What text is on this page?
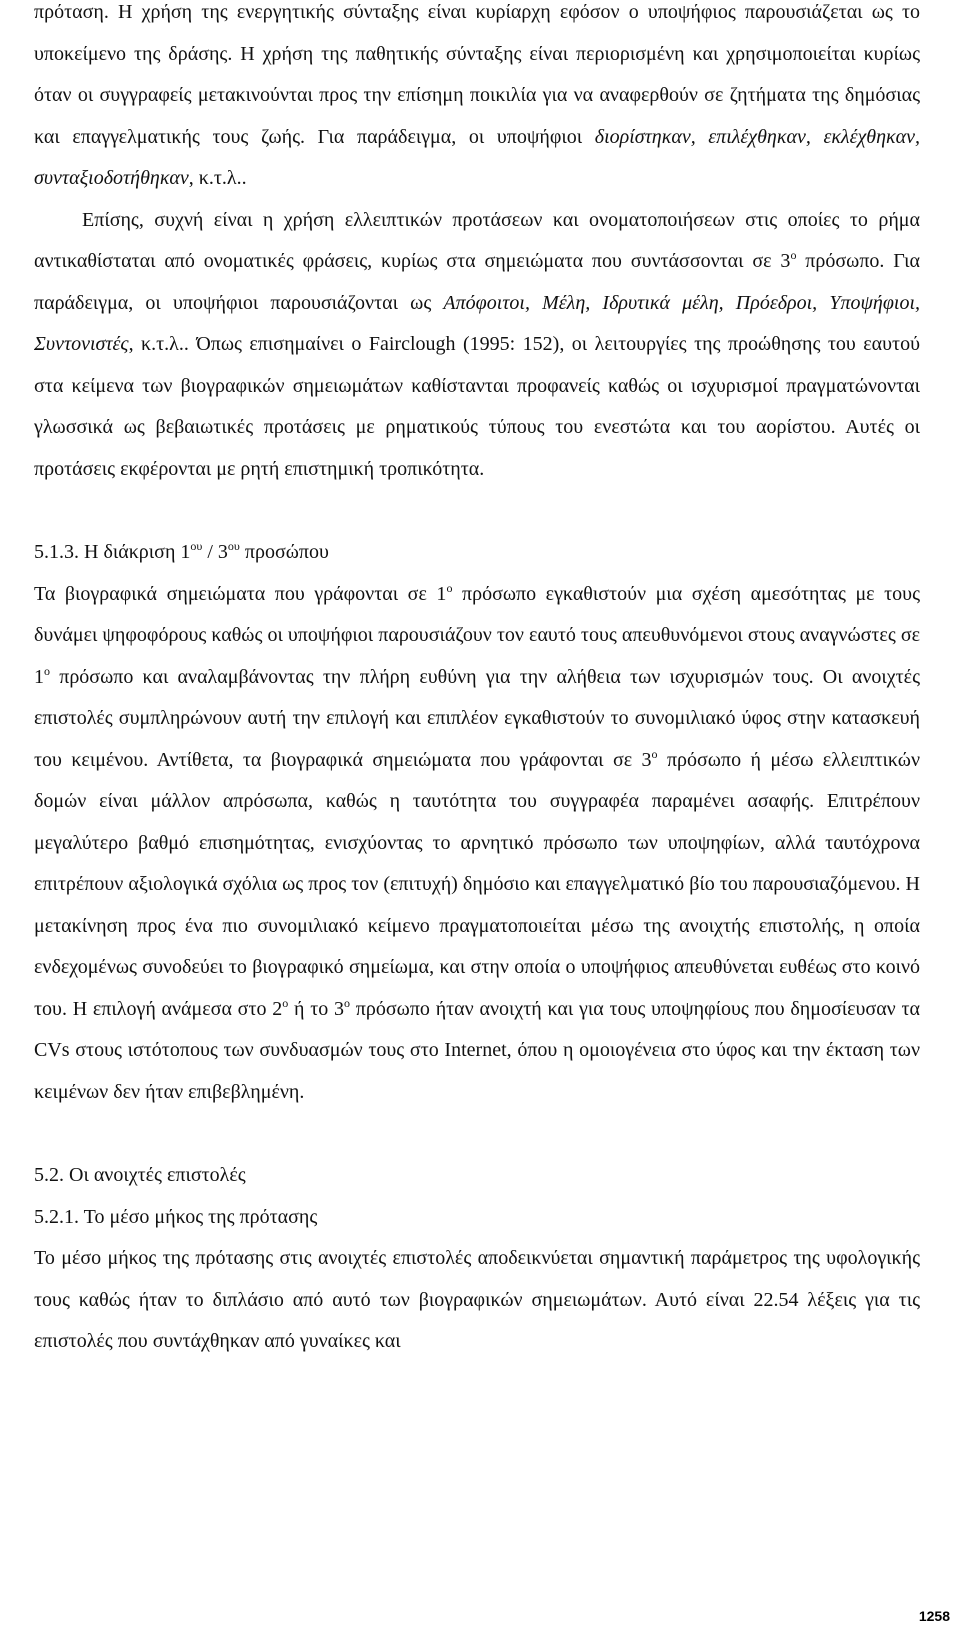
πρόταση. Η χρήση της ενεργητικής σύνταξης είναι κυρίαρχη εφόσον ο υποψήφιος παρουσιάζεται ως το υποκείμενο της δράσης. Η χρήση της παθητικής σύνταξης είναι περιορισμένη και χρησιμοποιείται κυρίως όταν οι συγγραφείς μετακινούνται προς την επίσημη ποικιλία για να αναφερθούν σε ζητήματα της δημόσιας και επαγγελματικής τους ζωής. Για παράδειγμα, οι υποψήφιοι διορίστηκαν, επιλέχθηκαν, εκλέχθηκαν, συνταξιοδοτήθηκαν, κ.τ.λ..

Επίσης, συχνή είναι η χρήση ελλειπτικών προτάσεων και ονοματοποιήσεων στις οποίες το ρήμα αντικαθίσταται από ονοματικές φράσεις, κυρίως στα σημειώματα που συντάσσονται σε $3^o$ πρόσωπο. Για παράδειγμα, οι υποψήφιοι παρουσιάζονται ως Απόφοιτοι, Μέλη, Ιδρυτικά μέλη, Πρόεδροι, Υποψήφιοι, Συντονιστές, κ.τ.λ.. Όπως επισημαίνει ο Fairclough (1995: 152), οι λειτουργίες της προώθησης του εαυτού στα κείμενα των βιογραφικών σημειωμάτων καθίστανται προφανείς καθώς οι ισχυρισμοί πραγματώνονται γλωσσικά ως βεβαιωτικές προτάσεις με ρηματικούς τύπους του ενεστώτα και του αορίστου. Αυτές οι προτάσεις εκφέρονται με ρητή επιστημική τροπικότητα.

5.1.3. Η διάκριση $1^{o\upsilon} / 3^{o\upsilon}$ προσώπου

Τα βιογραφικά σημειώματα που γράφονται σε $1^o$ πρόσωπο εγκαθιστούν μια σχέση αμεσότητας με τους δυνάμει ψηφοφόρους καθώς οι υποψήφιοι παρουσιάζουν τον εαυτό τους απευθυνόμενοι στους αναγνώστες σε $1^o$ πρόσωπο και αναλαμβάνοντας την πλήρη ευθύνη για την αλήθεια των ισχυρισμών τους. Οι ανοιχτές επιστολές συμπληρώνουν αυτή την επιλογή και επιπλέον εγκαθιστούν το συνομιλιακό ύφος στην κατασκευή του κειμένου. Αντίθετα, τα βιογραφικά σημειώματα που γράφονται σε $3^o$ πρόσωπο ή μέσω ελλειπτικών δομών είναι μάλλον απρόσωπα, καθώς η ταυτότητα του συγγραφέα παραμένει ασαφής. Επιτρέπουν μεγαλύτερο βαθμό επισημότητας, ενισχύοντας το αρνητικό πρόσωπο των υποψηφίων, αλλά ταυτόχρονα επιτρέπουν αξιολογικά σχόλια ως προς τον (επιτυχή) δημόσιο και επαγγελματικό βίο του παρουσιαζόμενου. Η μετακίνηση προς ένα πιο συνομιλιακό κείμενο πραγματοποιείται μέσω της ανοιχτής επιστολής, η οποία ενδεχομένως συνοδεύει το βιογραφικό σημείωμα, και στην οποία ο υποψήφιος απευθύνεται ευθέως στο κοινό του. Η επιλογή ανάμεσα στο $2^o$ ή το $3^o$ πρόσωπο ήταν ανοιχτή και για τους υποψηφίους που δημοσίευσαν τα CVs στους ιστότοπους των συνδυασμών τους στο Internet, όπου η ομοιογένεια στο ύφος και την έκταση των κειμένων δεν ήταν επιβεβλημένη.

5.2. Οι ανοιχτές επιστολές

5.2.1. Το μέσο μήκος της πρότασης

Το μέσο μήκος της πρότασης στις ανοιχτές επιστολές αποδεικνύεται σημαντική παράμετρος της υφολογικής τους καθώς ήταν το διπλάσιο από αυτό των βιογραφικών σημειωμάτων. Αυτό είναι 22.54 λέξεις για τις επιστολές που συντάχθηκαν από γυναίκες και

1258
